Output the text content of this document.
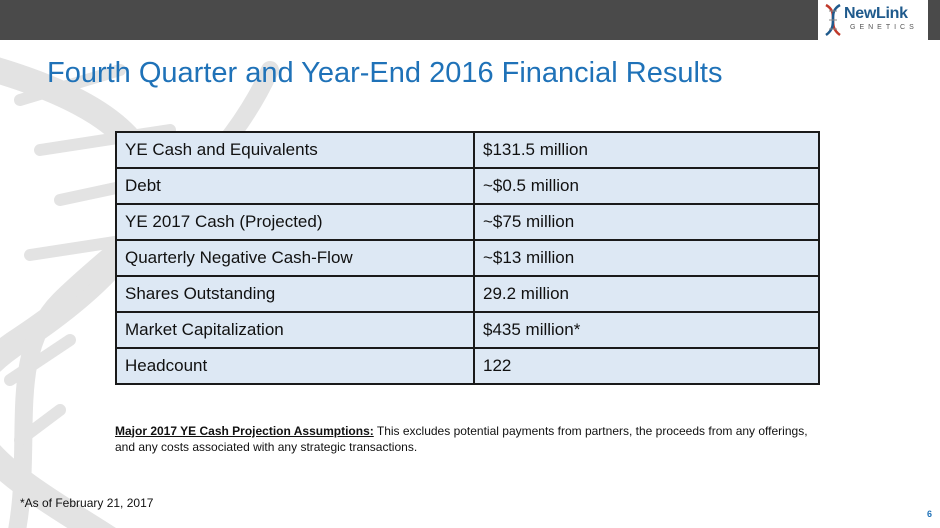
NewLink
GENETICS
Fourth Quarter and Year-End 2016 Financial Results
YE Cash and Equivalents	$131.5 million
Debt	~$0.5 million
YE 2017 Cash (Projected)	~$75 million
Quarterly Negative Cash-Flow	~$13 million
Shares Outstanding	29.2 million
Market Capitalization	$435 million*
Headcount	122
Major 2017 YE Cash Projection Assumptions: This excludes potential payments from partners, the proceeds from any offerings, and any costs associated with any strategic transactions.
*As of February 21, 2017
6
